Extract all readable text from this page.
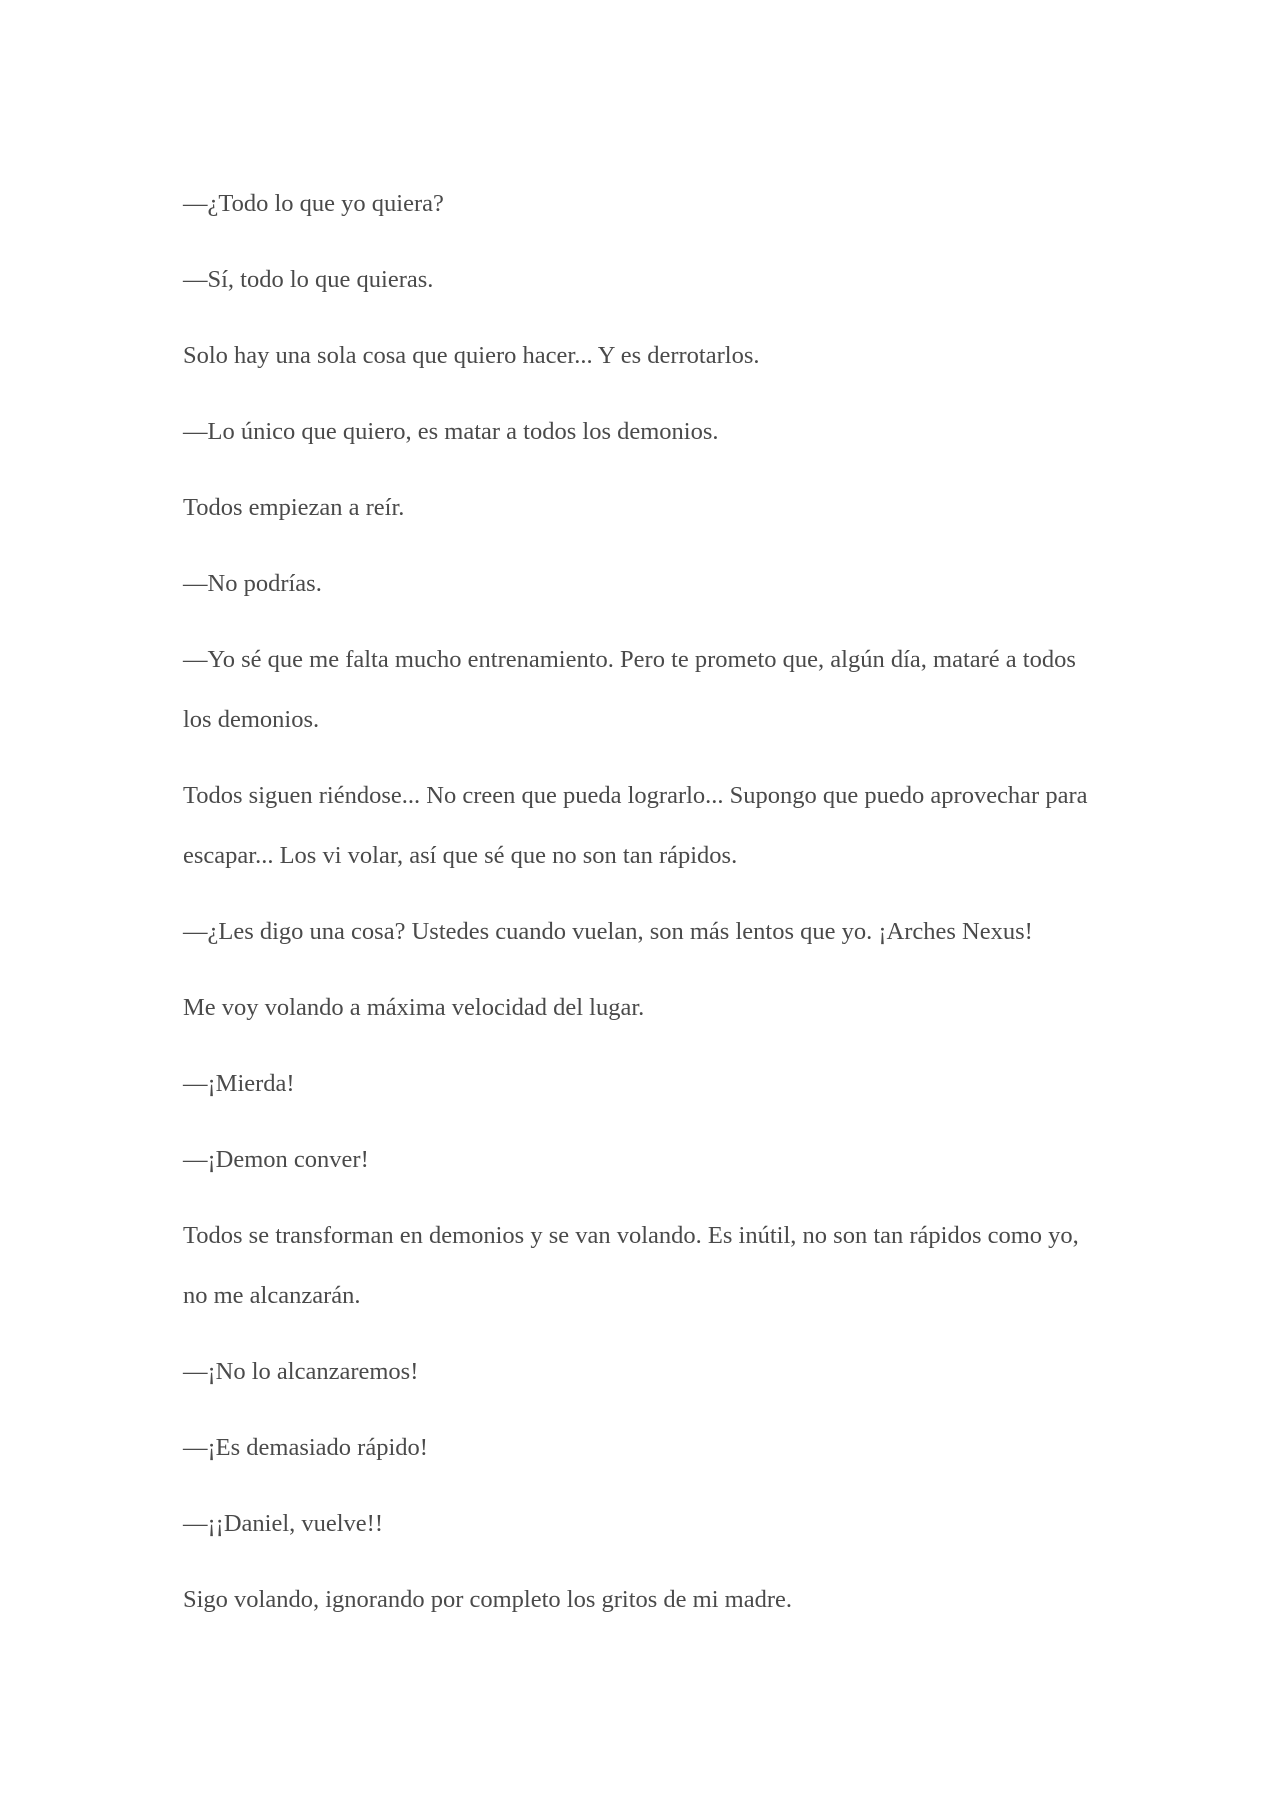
—¿Todo lo que yo quiera?

—Sí, todo lo que quieras.

Solo hay una sola cosa que quiero hacer... Y es derrotarlos.

—Lo único que quiero, es matar a todos los demonios.

Todos empiezan a reír.

—No podrías.

—Yo sé que me falta mucho entrenamiento. Pero te prometo que, algún día, mataré a todos los demonios.

Todos siguen riéndose... No creen que pueda lograrlo... Supongo que puedo aprovechar para escapar... Los vi volar, así que sé que no son tan rápidos.

—¿Les digo una cosa? Ustedes cuando vuelan, son más lentos que yo. ¡Arches Nexus!

Me voy volando a máxima velocidad del lugar.

—¡Mierda!

—¡Demon conver!

Todos se transforman en demonios y se van volando. Es inútil, no son tan rápidos como yo, no me alcanzarán.

—¡No lo alcanzaremos!

—¡Es demasiado rápido!

—¡¡Daniel, vuelve!!

Sigo volando, ignorando por completo los gritos de mi madre.
